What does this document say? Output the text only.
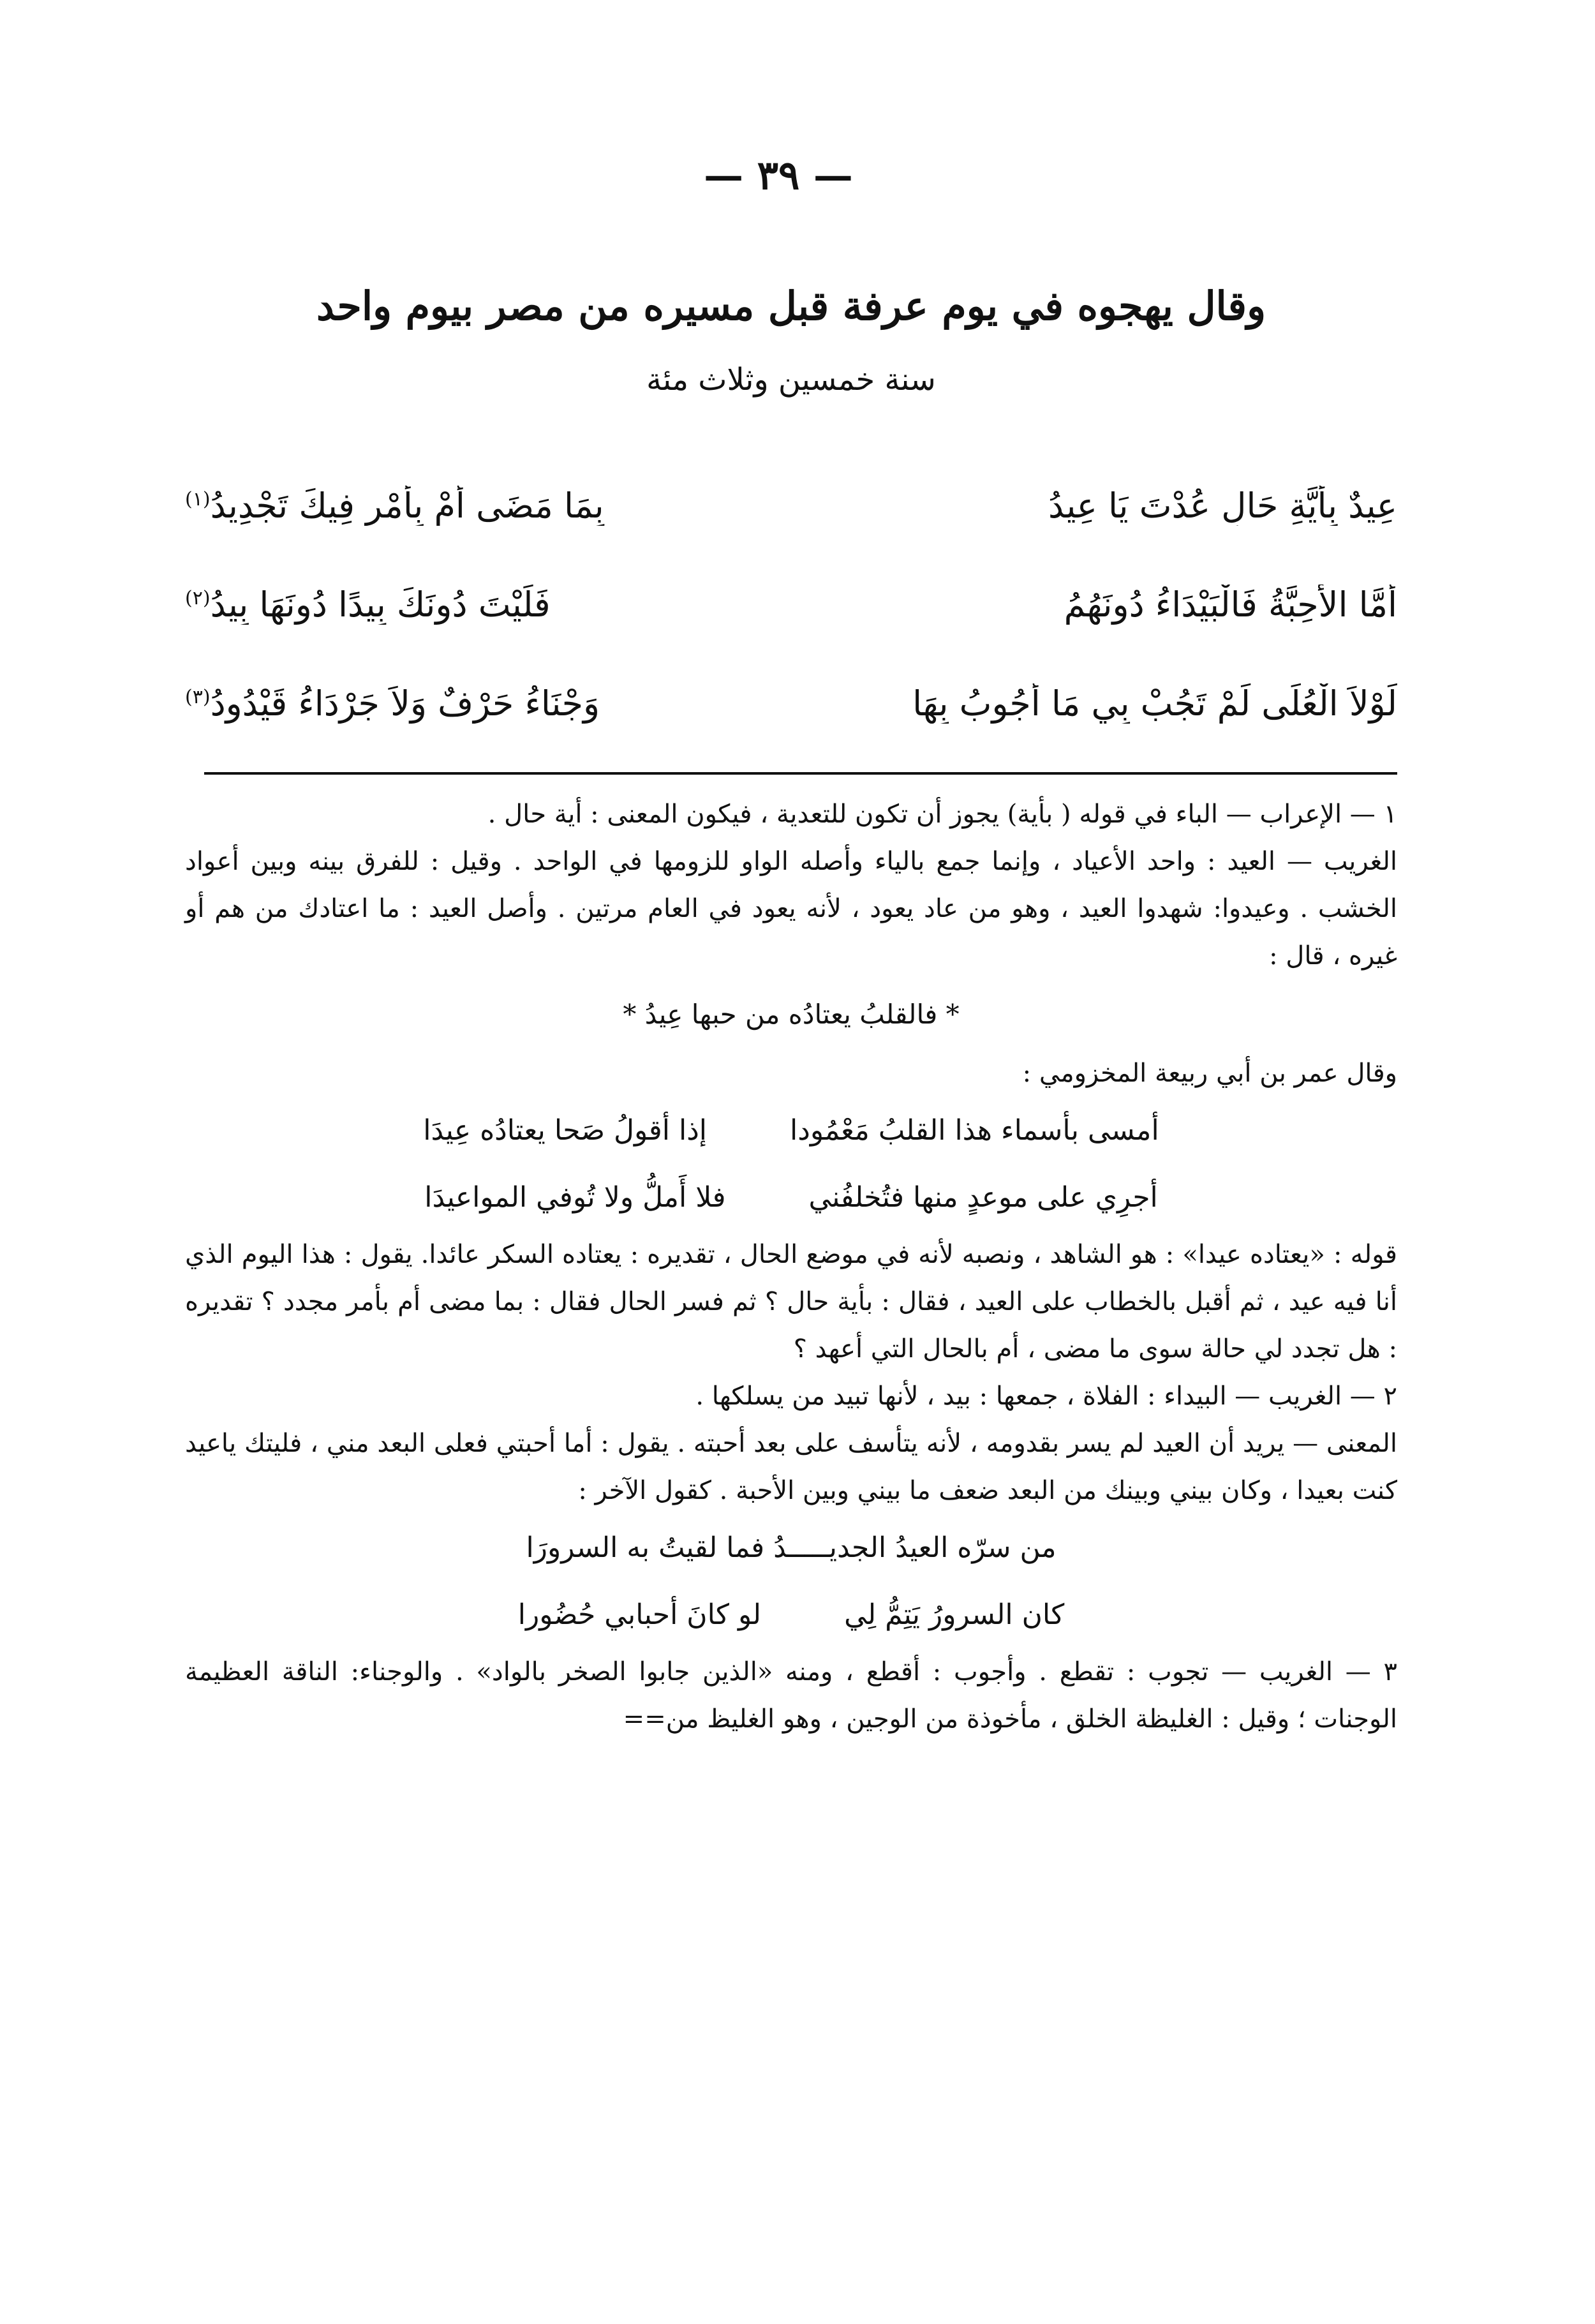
— ٣٩ —
وقال يهجوه في يوم عرفة قبل مسيره من مصر بيوم واحد
سنة خمسين وثلاث مئة
عِيدٌ بِأَيَّةِ حَالٍ عُدْتَ يَا عِيدُ
بِمَا مَضَى أَمْ بِأَمْرٍ فِيكَ تَجْدِيدُ$^{(١)}$
أَمَّا الأَحِبَّةُ فَالْبَيْدَاءُ دُونَهُمُ
فَلَيْتَ دُونَكَ بِيدًا دُونَهَا بِيدُ$^{(٢)}$
لَوْلاَ الْعُلَى لَمْ تَجُبْ بِي مَا أَجُوبُ بِهَا
وَجْنَاءُ حَرْفٌ وَلاَ جَرْدَاءُ قَيْدُودُ$^{(٣)}$

١ — الإعراب — الباء في قوله ( بأية) يجوز أن تكون للتعدية ، فيكون المعنى : أية حال .

الغريب — العيد : واحد الأعياد ، وإنما جمع بالياء وأصله الواو للزومها في الواحد . وقيل : للفرق بينه وبين أعواد الخشب . وعيدوا: شهدوا العيد ، وهو من عاد يعود ، لأنه يعود في العام مرتين . وأصل العيد : ما اعتادك من هم أو غيره ، قال :

* فالقلبُ يعتادُه من حبها عِيدُ *

وقال عمر بن أبي ربيعة المخزومي :

أمسى بأسماء هذا القلبُ مَعْمُودا
إذا أقولُ صَحا يعتادُه عِيدَا
أجرِي على موعدٍ منها فتُخلفُني
فلا أَملُّ ولا تُوفي المواعيدَا

قوله : «يعتاده عيدا» : هو الشاهد ، ونصبه لأنه في موضع الحال ، تقديره : يعتاده السكر عائدا. يقول : هذا اليوم الذي أنا فيه عيد ، ثم أقبل بالخطاب على العيد ، فقال : بأية حال ؟ ثم فسر الحال فقال : بما مضى أم بأمر مجدد ؟ تقديره : هل تجدد لي حالة سوى ما مضى ، أم بالحال التي أعهد ؟

٢ — الغريب — البيداء : الفلاة ، جمعها : بيد ، لأنها تبيد من يسلكها .

المعنى — يريد أن العيد لم يسر بقدومه ، لأنه يتأسف على بعد أحبته . يقول : أما أحبتي فعلى البعد مني ، فليتك ياعيد كنت بعيدا ، وكان بيني وبينك من البعد ضعف ما بيني وبين الأحبة . كقول الآخر :

من سرّه العيدُ الجديـــــدُ فما لقيتُ به السرورَا
كان السرورُ يَتِمُّ لِي
لو كانَ أحبابي حُضُورا

٣ — الغريب — تجوب : تقطع . وأجوب : أقطع ، ومنه «الذين جابوا الصخر بالواد» . والوجناء: الناقة العظيمة الوجنات ؛ وقيل : الغليظة الخلق ، مأخوذة من الوجين ، وهو الغليظ من==
